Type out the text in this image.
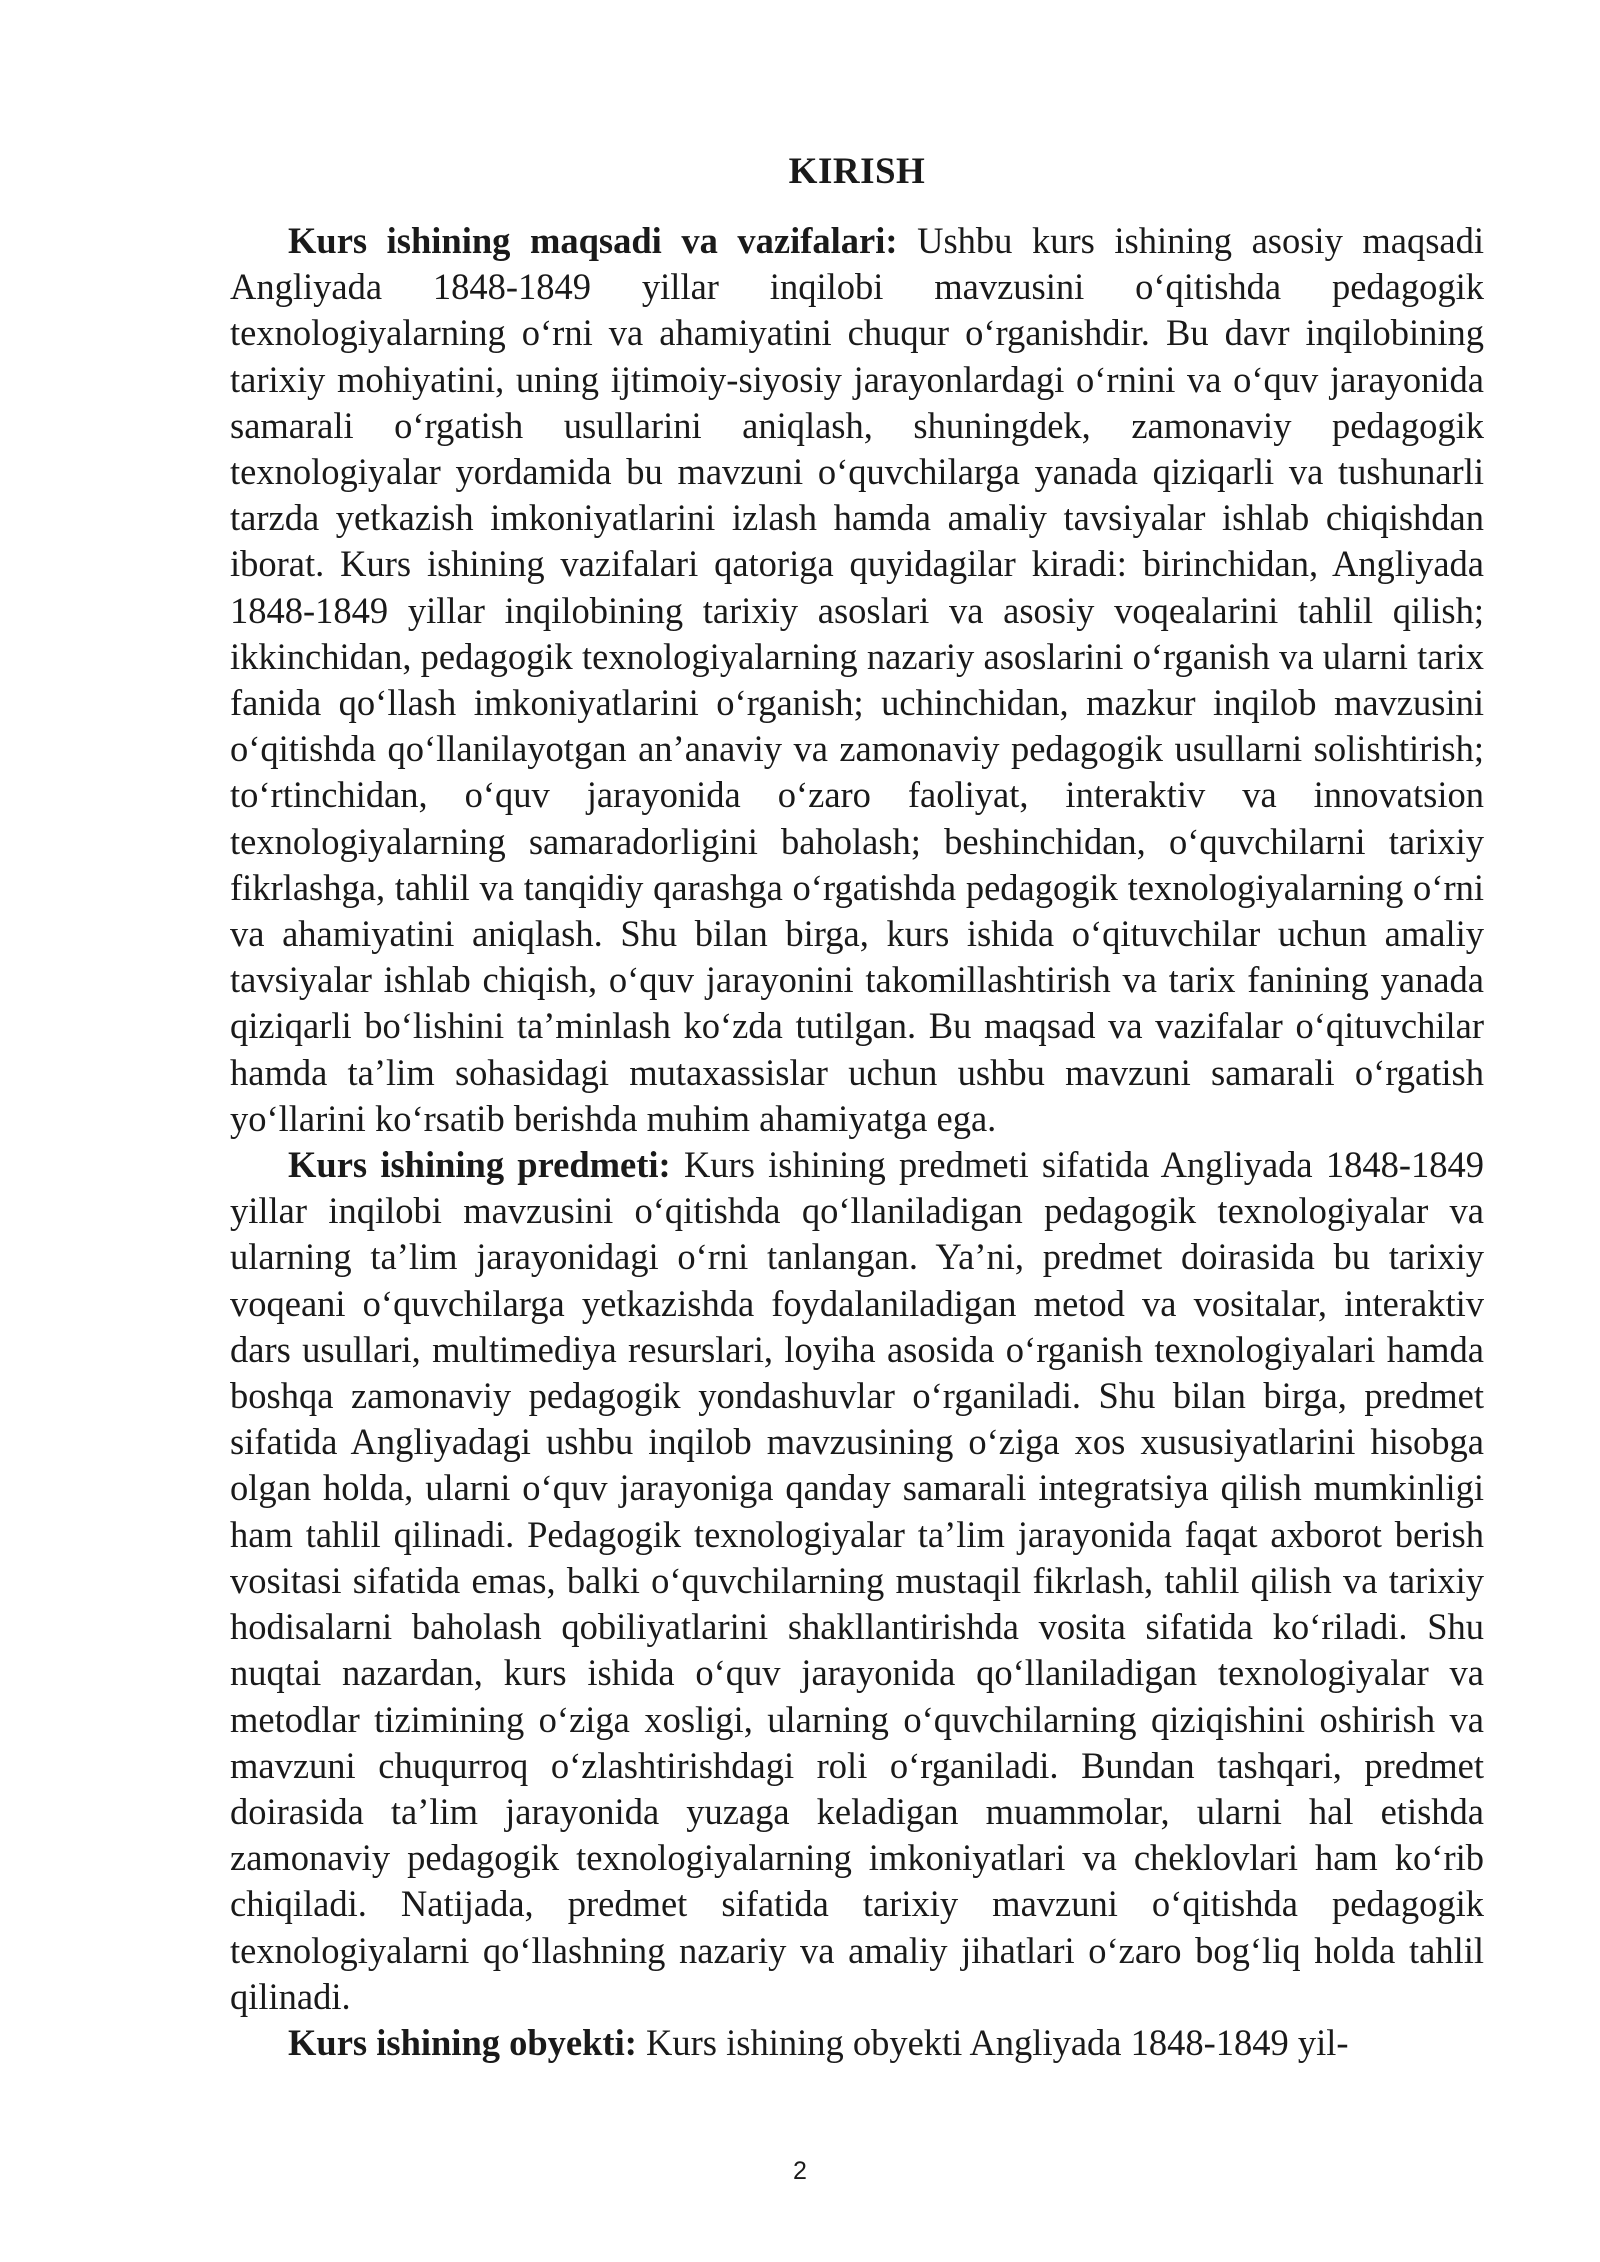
KIRISH

Kurs ishining maqsadi va vazifalari: Ushbu kurs ishining asosiy maqsadi Angliyada 1848-1849 yillar inqilobi mavzusini o‘qitishda pedagogik texnologiyalarning o‘rni va ahamiyatini chuqur o‘rganishdir. Bu davr inqilobining tarixiy mohiyatini, uning ijtimoiy-siyosiy jarayonlardagi o‘rnini va o‘quv jarayonida samarali o‘rgatish usullarini aniqlash, shuningdek, zamonaviy pedagogik texnologiyalar yordamida bu mavzuni o‘quvchilarga yanada qiziqarli va tushunarli tarzda yetkazish imkoniyatlarini izlash hamda amaliy tavsiyalar ishlab chiqishdan iborat. Kurs ishining vazifalari qatoriga quyidagilar kiradi: birinchidan, Angliyada 1848-1849 yillar inqilobining tarixiy asoslari va asosiy voqealarini tahlil qilish; ikkinchidan, pedagogik texnologiyalarning nazariy asoslarini o‘rganish va ularni tarix fanida qo‘llash imkoniyatlarini o‘rganish; uchinchidan, mazkur inqilob mavzusini o‘qitishda qo‘llanilayotgan an’anaviy va zamonaviy pedagogik usullarni solishtirish; to‘rtinchidan, o‘quv jarayonida o‘zaro faoliyat, interaktiv va innovatsion texnologiyalarning samaradorligini baholash; beshinchidan, o‘quvchilarni tarixiy fikrlashga, tahlil va tanqidiy qarashga o‘rgatishda pedagogik texnologiyalarning o‘rni va ahamiyatini aniqlash. Shu bilan birga, kurs ishida o‘qituvchilar uchun amaliy tavsiyalar ishlab chiqish, o‘quv jarayonini takomillashtirish va tarix fanining yanada qiziqarli bo‘lishini ta’minlash ko‘zda tutilgan. Bu maqsad va vazifalar o‘qituvchilar hamda ta’lim sohasidagi mutaxassislar uchun ushbu mavzuni samarali o‘rgatish yo‘llarini ko‘rsatib berishda muhim ahamiyatga ega.

Kurs ishining predmeti: Kurs ishining predmeti sifatida Angliyada 1848-1849 yillar inqilobi mavzusini o‘qitishda qo‘llaniladigan pedagogik texnologiyalar va ularning ta’lim jarayonidagi o‘rni tanlangan. Ya’ni, predmet doirasida bu tarixiy voqeani o‘quvchilarga yetkazishda foydalaniladigan metod va vositalar, interaktiv dars usullari, multimediya resurslari, loyiha asosida o‘rganish texnologiyalari hamda boshqa zamonaviy pedagogik yondashuvlar o‘rganiladi. Shu bilan birga, predmet sifatida Angliyadagi ushbu inqilob mavzusining o‘ziga xos xususiyatlarini hisobga olgan holda, ularni o‘quv jarayoniga qanday samarali integratsiya qilish mumkinligi ham tahlil qilinadi. Pedagogik texnologiyalar ta’lim jarayonida faqat axborot berish vositasi sifatida emas, balki o‘quvchilarning mustaqil fikrlash, tahlil qilish va tarixiy hodisalarni baholash qobiliyatlarini shakllantirishda vosita sifatida ko‘riladi. Shu nuqtai nazardan, kurs ishida o‘quv jarayonida qo‘llaniladigan texnologiyalar va metodlar tizimining o‘ziga xosligi, ularning o‘quvchilarning qiziqishini oshirish va mavzuni chuqurroq o‘zlashtirishdagi roli o‘rganiladi. Bundan tashqari, predmet doirasida ta’lim jarayonida yuzaga keladigan muammolar, ularni hal etishda zamonaviy pedagogik texnologiyalarning imkoniyatlari va cheklovlari ham ko‘rib chiqiladi. Natijada, predmet sifatida tarixiy mavzuni o‘qitishda pedagogik texnologiyalarni qo‘llashning nazariy va amaliy jihatlari o‘zaro bog‘liq holda tahlil qilinadi.

Kurs ishining obyekti: Kurs ishining obyekti Angliyada 1848-1849 yil-

2
